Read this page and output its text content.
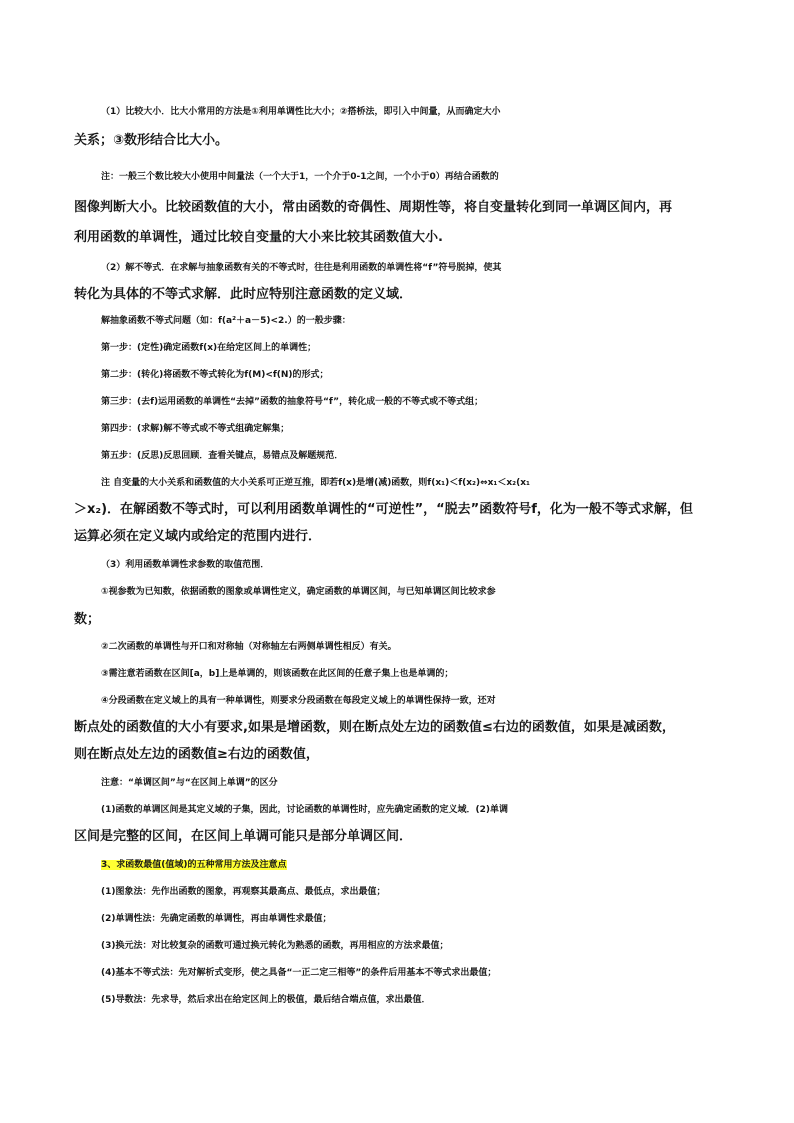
（1）比较大小．比大小常用的方法是①利用单调性比大小；②搭桥法，即引入中间量，从而确定大小
关系；③数形结合比大小。
注：一般三个数比较大小使用中间量法（一个大于1，一个介于0-1之间，一个小于0）再结合函数的
图像判断大小。比较函数值的大小，常由函数的奇偶性、周期性等，将自变量转化到同一单调区间内，再
利用函数的单调性，通过比较自变量的大小来比较其函数值大小.
（2）解不等式．在求解与抽象函数有关的不等式时，往往是利用函数的单调性将“f”符号脱掉，使其
转化为具体的不等式求解．此时应特别注意函数的定义域．
解抽象函数不等式问题（如：f(a²＋a－5)<2.）的一般步骤：
第一步：(定性)确定函数f(x)在给定区间上的单调性；
第二步：(转化)将函数不等式转化为f(M)<f(N)的形式；
第三步：(去f)运用函数的单调性“去掉”函数的抽象符号“f”，转化成一般的不等式或不等式组；
第四步：(求解)解不等式或不等式组确定解集；
第五步：(反思)反思回顾．查看关键点，易错点及解题规范．
注 自变量的大小关系和函数值的大小关系可正逆互推，即若f(x)是增(减)函数，则f(x₁)＜f(x₂)⇔x₁＜x₂(x₁
＞x₂)．在解函数不等式时，可以利用函数单调性的“可逆性”，“脱去”函数符号f，化为一般不等式求解，但
运算必须在定义域内或给定的范围内进行．
（3）利用函数单调性求参数的取值范围．
①视参数为已知数，依据函数的图象或单调性定义，确定函数的单调区间，与已知单调区间比较求参
数；
②二次函数的单调性与开口和对称轴（对称轴左右两侧单调性相反）有关。
③需注意若函数在区间[a，b]上是单调的，则该函数在此区间的任意子集上也是单调的；
④分段函数在定义域上的具有一种单调性，则要求分段函数在每段定义域上的单调性保持一致，还对
断点处的函数值的大小有要求,如果是增函数，则在断点处左边的函数值≤右边的函数值，如果是减函数，
则在断点处左边的函数值≥右边的函数值，
注意：“单调区间”与“在区间上单调”的区分
(1)函数的单调区间是其定义域的子集，因此，讨论函数的单调性时，应先确定函数的定义域．(2)单调
区间是完整的区间，在区间上单调可能只是部分单调区间．
3、求函数最值(值域)的五种常用方法及注意点
(1)图象法：先作出函数的图象，再观察其最高点、最低点，求出最值；
(2)单调性法：先确定函数的单调性，再由单调性求最值；
(3)换元法：对比较复杂的函数可通过换元转化为熟悉的函数，再用相应的方法求最值；
(4)基本不等式法：先对解析式变形，使之具备“一正二定三相等”的条件后用基本不等式求出最值；
(5)导数法：先求导，然后求出在给定区间上的极值，最后结合端点值，求出最值．
